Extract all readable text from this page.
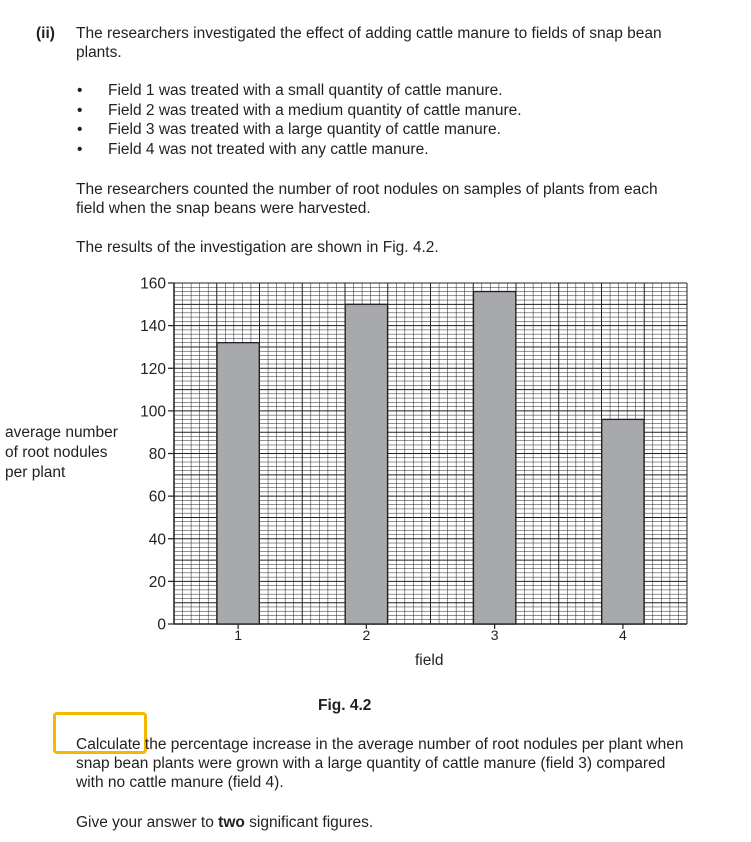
(ii) The researchers investigated the effect of adding cattle manure to fields of snap bean
plants.
• Field 1 was treated with a small quantity of cattle manure.
• Field 2 was treated with a medium quantity of cattle manure.
• Field 3 was treated with a large quantity of cattle manure.
• Field 4 was not treated with any cattle manure.
The researchers counted the number of root nodules on samples of plants from each
field when the snap beans were harvested.
The results of the investigation are shown in Fig. 4.2.
average number
of root nodules
per plant
0
20
40
60
80
100
120
140
160
1	2	3	4
field
Fig. 4.2
Calculate the percentage increase in the average number of root nodules per plant when
snap bean plants were grown with a large quantity of cattle manure (field 3) compared
with no cattle manure (field 4).
Give your answer to two significant figures.
